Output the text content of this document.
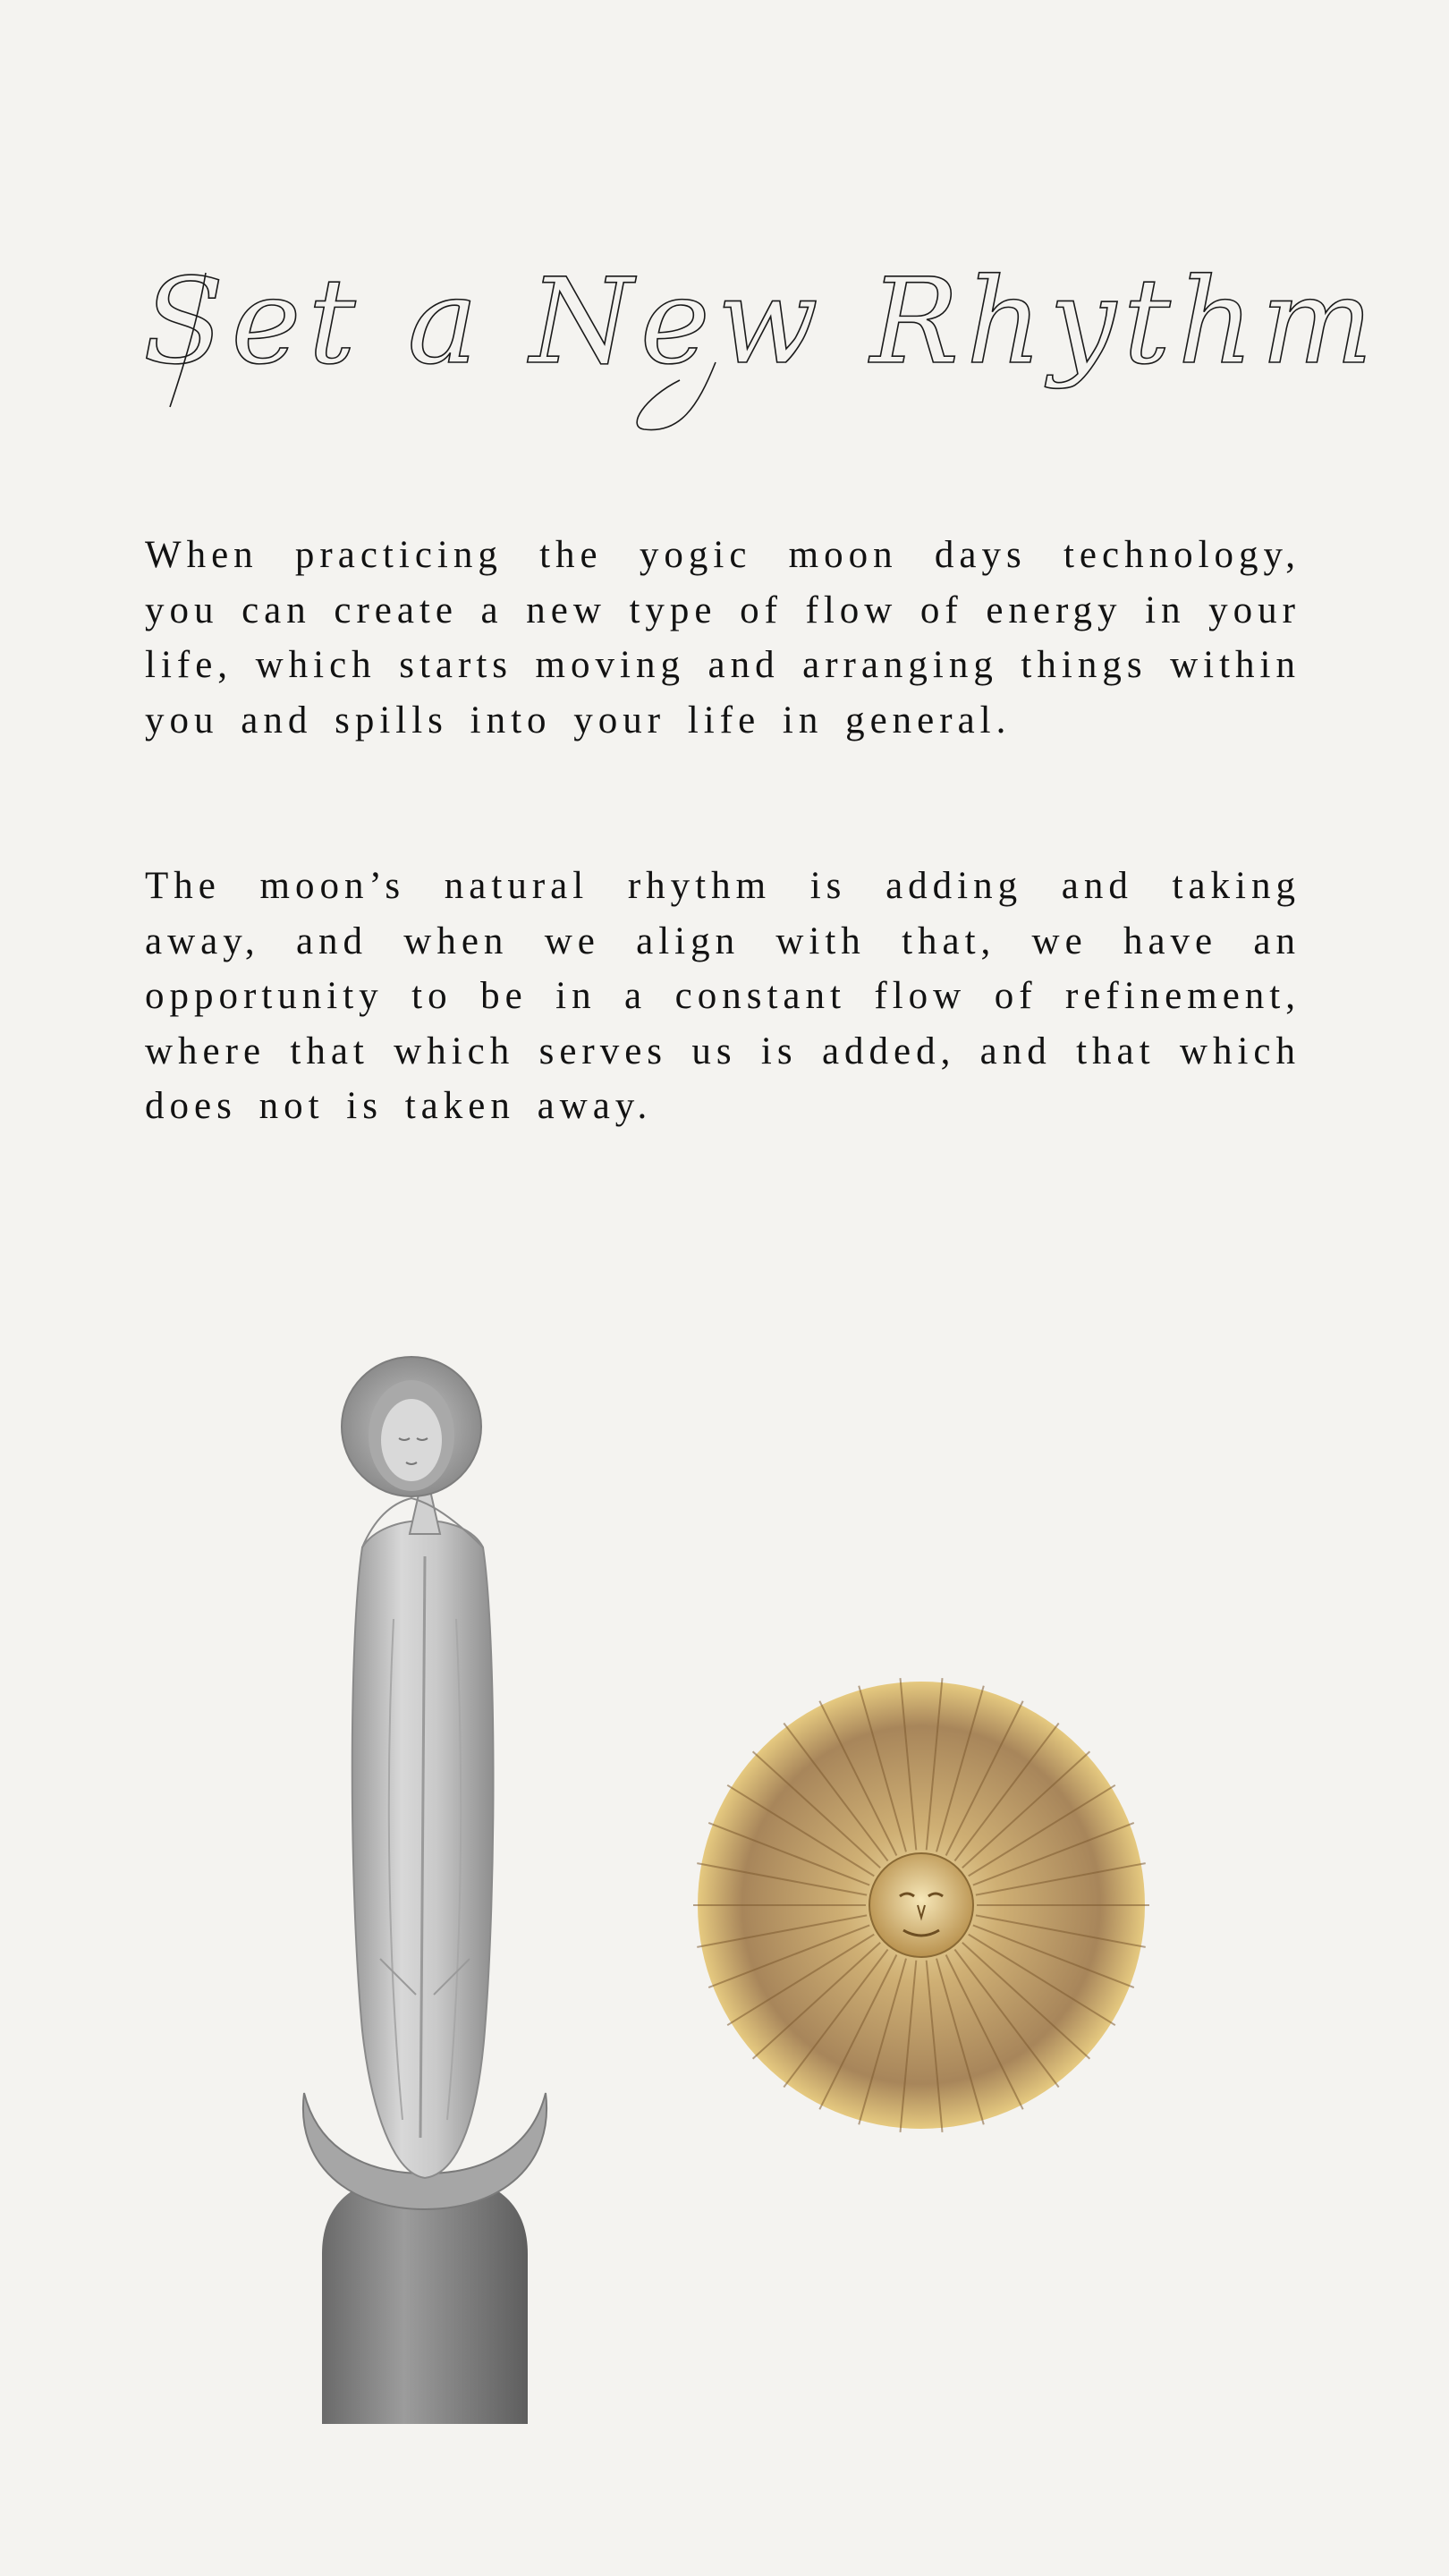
Set a New Rhythm

When practicing the yogic moon days technology, you can create a new type of flow of energy in your life, which starts moving and arranging things within you and spills into your life in general.

The moon’s natural rhythm is adding and taking away, and when we align with that, we have an opportunity to be in a constant flow of refinement, where that which serves us is added, and that which does not is taken away.
